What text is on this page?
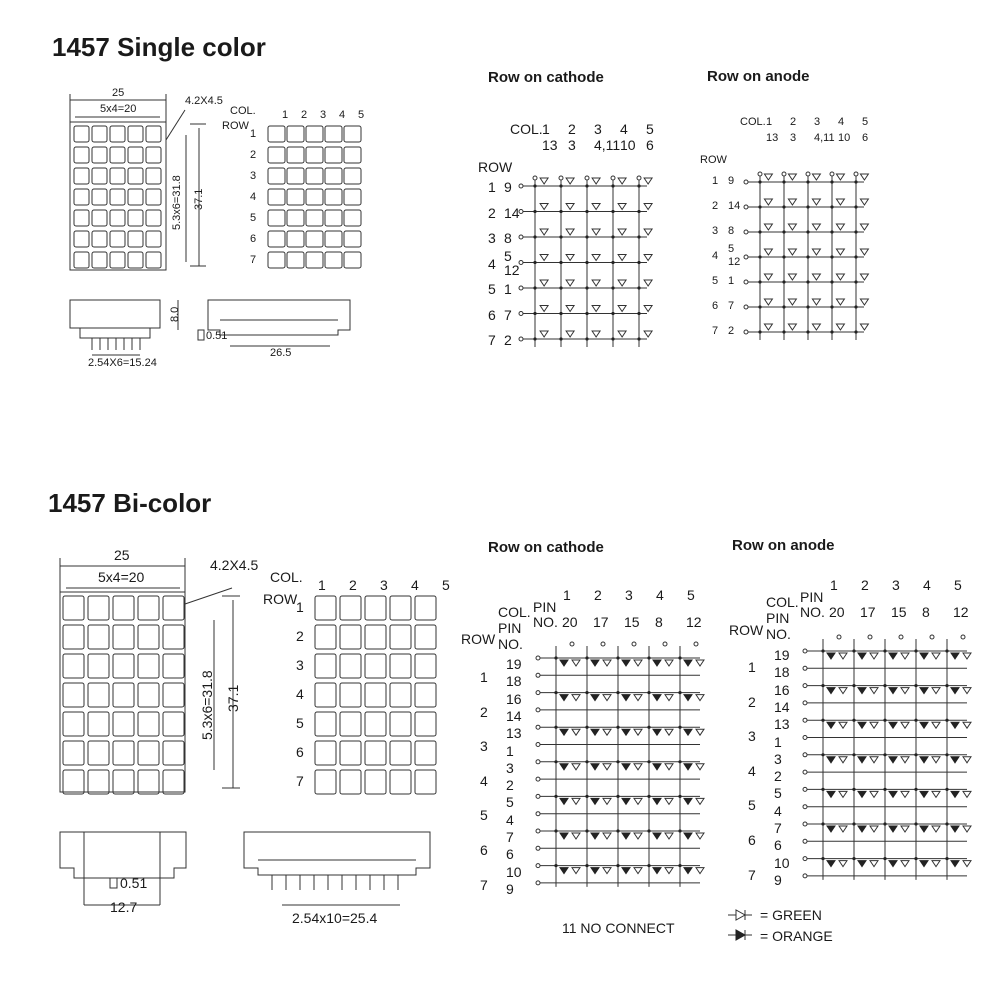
1457 Single color
Row on cathode	Row on anode
1457 Bi-color
Row on cathode	Row on anode
25
5x4=20
4.2X4.5
5.3x6=31.8 37.1
8.0
0.51
2.54X6=15.24
26.5
COL.
ROW
1 2 3 4 5
1
2
3
4
5
6
7
1 2 3 4 5
13 3 4,11 10 6
COL.
ROW
1
2
3
4
5
6
7
9
14
8
5
12
1
7
2
1 2 3 4 5
13 3 4,11 10 6
COL.
ROW
1
2
3
4
5
6
7
9
14
8
5
12
1
7
2
25
5x4=20
4.2X4.5
5.3x6=31.8 37.1
0.51
12.7
2.54x10=25.4
COL.
ROW
11 NO CONNECT
= GREEN
= ORANGE
1 2 3 4 5
1
2
3
4
5
6
7
1 2 3 4 5
20 17 15 8 12
COL.
PIN
NO.
PIN
NO.
ROW
1
2
3
4
5
6
7
19
18
16
14
13
1
3
2
5
4
7
6
10
9
1 2 3 4 5
20 17 15 8 12
COL.
PIN
NO.
PIN
NO.
ROW
1
2
3
4
5
6
7
19
18
16
14
13
1
3
2
5
4
7
6
10
9
